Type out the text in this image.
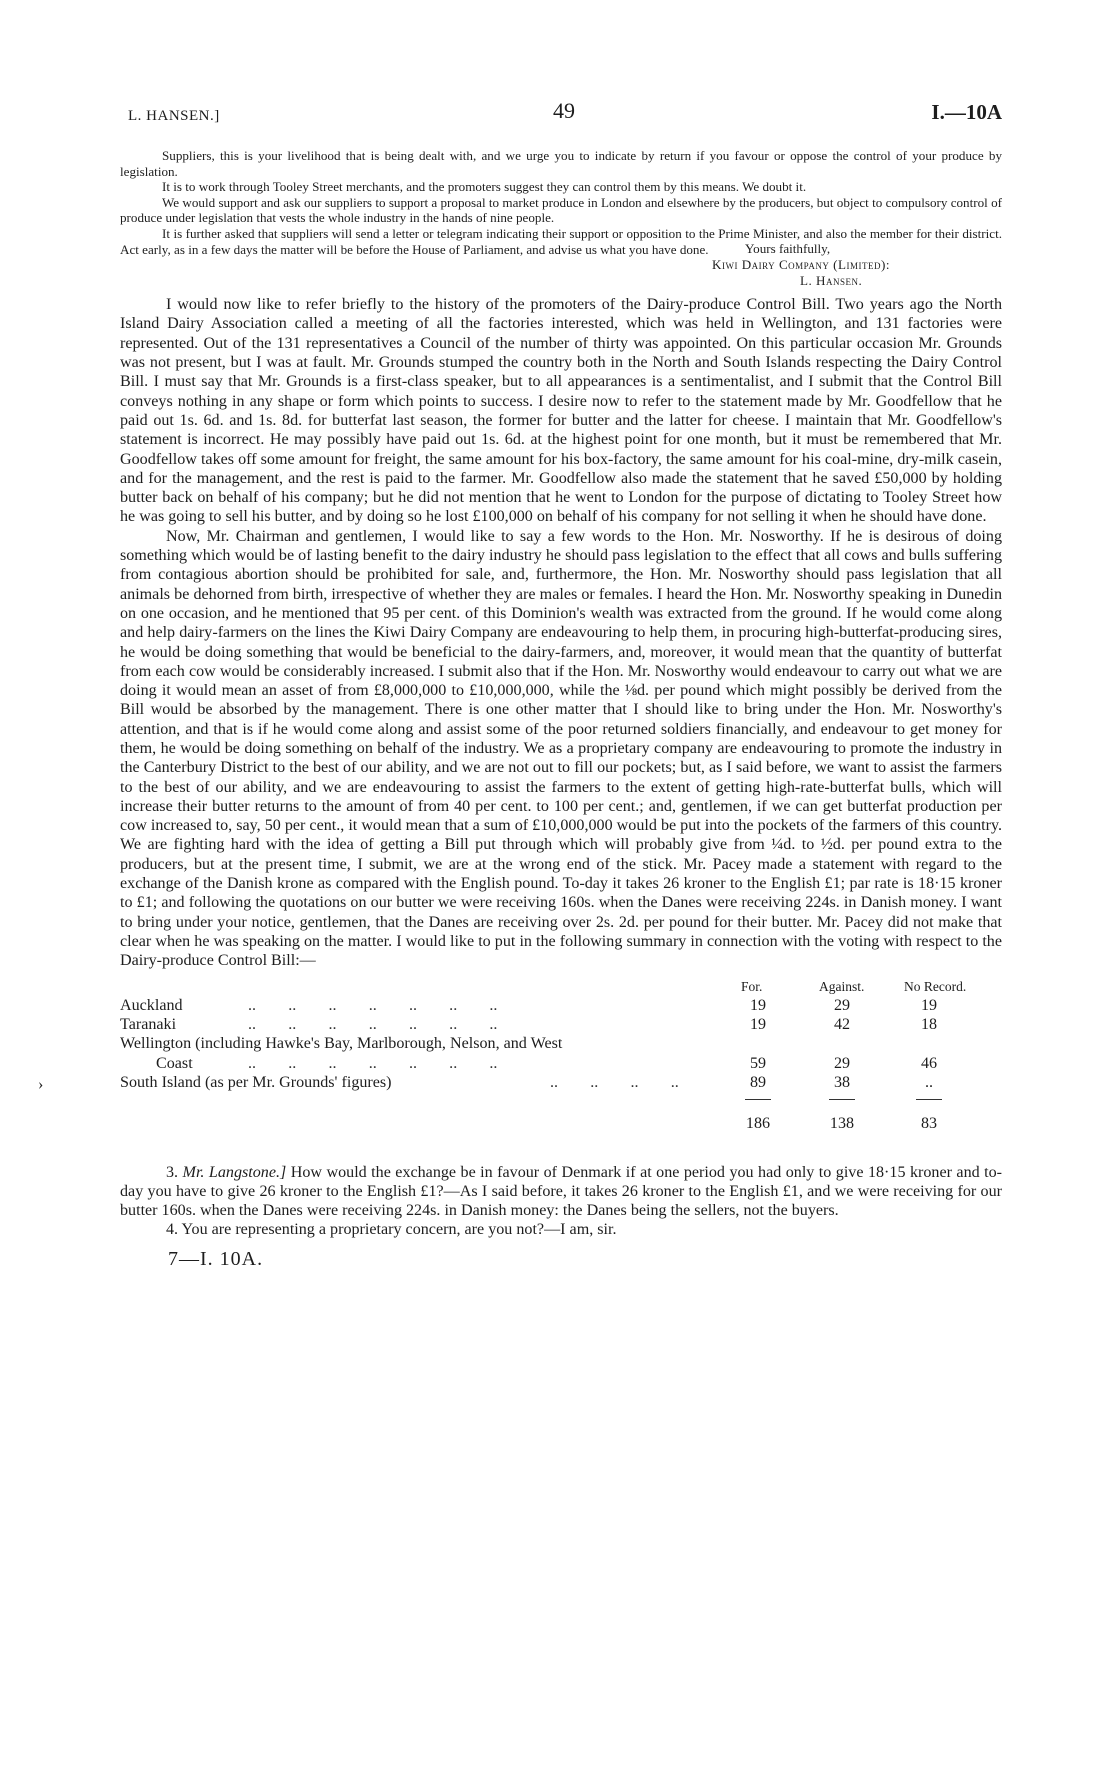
›
L. HANSEN.]	49	I.—10A

Suppliers, this is your livelihood that is being dealt with, and we urge you to indicate by return if you favour or oppose the control of your produce by legislation.

It is to work through Tooley Street merchants, and the promoters suggest they can control them by this means. We doubt it.

We would support and ask our suppliers to support a proposal to market produce in London and elsewhere by the producers, but object to compulsory control of produce under legislation that vests the whole industry in the hands of nine people.

It is further asked that suppliers will send a letter or telegram indicating their support or opposition to the Prime Minister, and also the member for their district. Act early, as in a few days the matter will be before the House of Parliament, and advise us what you have done.	Yours faithfully,
Kiwi Dairy Company (Limited):
L. Hansen.

I would now like to refer briefly to the history of the promoters of the Dairy-produce Control Bill. Two years ago the North Island Dairy Association called a meeting of all the factories interested, which was held in Wellington, and 131 factories were represented. Out of the 131 representatives a Council of the number of thirty was appointed. On this particular occasion Mr. Grounds was not present, but I was at fault. Mr. Grounds stumped the country both in the North and South Islands respecting the Dairy Control Bill. I must say that Mr. Grounds is a first-class speaker, but to all appearances is a sentimentalist, and I submit that the Control Bill conveys nothing in any shape or form which points to success. I desire now to refer to the statement made by Mr. Goodfellow that he paid out 1s. 6d. and 1s. 8d. for butterfat last season, the former for butter and the latter for cheese. I maintain that Mr. Goodfellow's statement is incorrect. He may possibly have paid out 1s. 6d. at the highest point for one month, but it must be remembered that Mr. Goodfellow takes off some amount for freight, the same amount for his box-factory, the same amount for his coal-mine, dry-milk casein, and for the management, and the rest is paid to the farmer. Mr. Goodfellow also made the statement that he saved £50,000 by holding butter back on behalf of his company; but he did not mention that he went to London for the purpose of dictating to Tooley Street how he was going to sell his butter, and by doing so he lost £100,000 on behalf of his company for not selling it when he should have done.

Now, Mr. Chairman and gentlemen, I would like to say a few words to the Hon. Mr. Nosworthy. If he is desirous of doing something which would be of lasting benefit to the dairy industry he should pass legislation to the effect that all cows and bulls suffering from contagious abortion should be prohibited for sale, and, furthermore, the Hon. Mr. Nosworthy should pass legislation that all animals be dehorned from birth, irrespective of whether they are males or females. I heard the Hon. Mr. Nosworthy speaking in Dunedin on one occasion, and he mentioned that 95 per cent. of this Dominion's wealth was extracted from the ground. If he would come along and help dairy-farmers on the lines the Kiwi Dairy Company are endeavouring to help them, in procuring high-butterfat-producing sires, he would be doing something that would be beneficial to the dairy-farmers, and, moreover, it would mean that the quantity of butterfat from each cow would be considerably increased. I submit also that if the Hon. Mr. Nosworthy would endeavour to carry out what we are doing it would mean an asset of from £8,000,000 to £10,000,000, while the ⅛d. per pound which might possibly be derived from the Bill would be absorbed by the management. There is one other matter that I should like to bring under the Hon. Mr. Nosworthy's attention, and that is if he would come along and assist some of the poor returned soldiers financially, and endeavour to get money for them, he would be doing something on behalf of the industry. We as a proprietary company are endeavouring to promote the industry in the Canterbury District to the best of our ability, and we are not out to fill our pockets; but, as I said before, we want to assist the farmers to the best of our ability, and we are endeavouring to assist the farmers to the extent of getting high-rate-butterfat bulls, which will increase their butter returns to the amount of from 40 per cent. to 100 per cent.; and, gentlemen, if we can get butterfat production per cow increased to, say, 50 per cent., it would mean that a sum of £10,000,000 would be put into the pockets of the farmers of this country. We are fighting hard with the idea of getting a Bill put through which will probably give from ¼d. to ½d. per pound extra to the producers, but at the present time, I submit, we are at the wrong end of the stick. Mr. Pacey made a statement with regard to the exchange of the Danish krone as compared with the English pound. To-day it takes 26 kroner to the English £1; par rate is 18·15 kroner to £1; and following the quotations on our butter we were receiving 160s. when the Danes were receiving 224s. in Danish money. I want to bring under your notice, gentlemen, that the Danes are receiving over 2s. 2d. per pound for their butter. Mr. Pacey did not make that clear when he was speaking on the matter. I would like to put in the following summary in connection with the voting with respect to the Dairy-produce Control Bill:—

For.	Against.	No Record.
Auckland	..        ..        ..        ..        ..        ..        ..	19	29	19
Taranaki	..        ..        ..        ..        ..        ..        ..	19	42	18
Wellington (including Hawke's Bay, Marlborough, Nelson, and West
Coast	..        ..        ..        ..        ..        ..        ..	59	29	46
South Island (as per Mr. Grounds' figures)	..        ..        ..        ..	89	38	..
186	138	83

3. Mr. Langstone.] How would the exchange be in favour of Denmark if at one period you had only to give 18·15 kroner and to-day you have to give 26 kroner to the English £1?—As I said before, it takes 26 kroner to the English £1, and we were receiving for our butter 160s. when the Danes were receiving 224s. in Danish money: the Danes being the sellers, not the buyers.

4. You are representing a proprietary concern, are you not?—I am, sir.

7—I. 10A.
